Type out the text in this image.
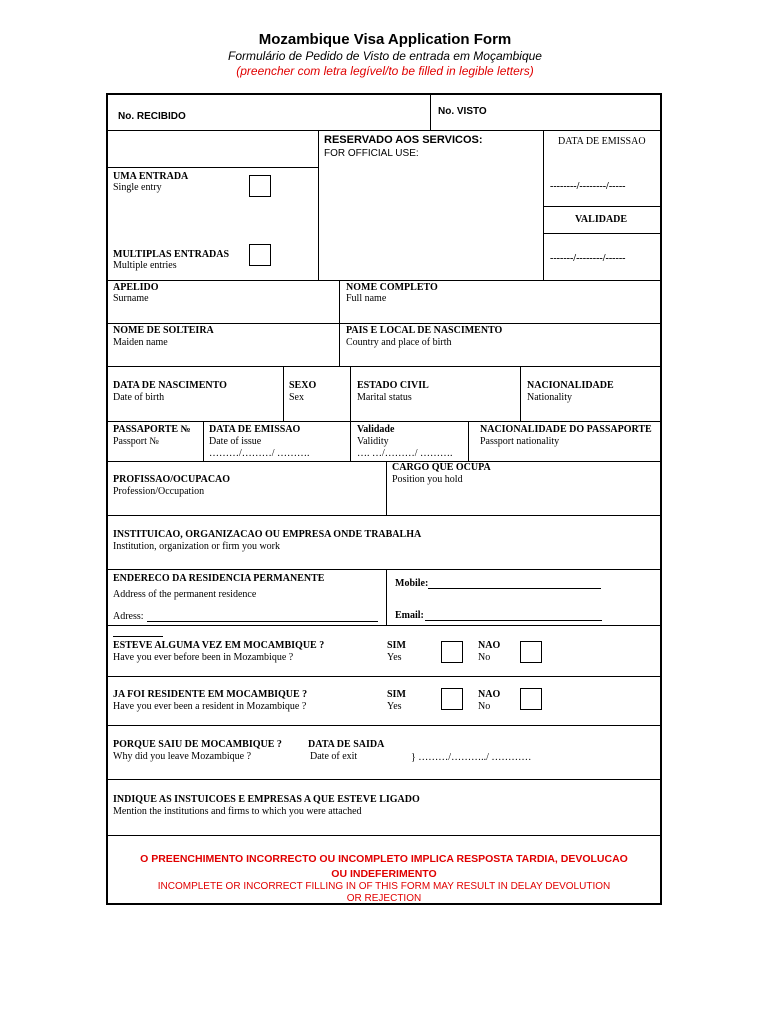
Mozambique Visa Application Form
Formulário de Pedido de Visto de entrada em Moçambique
(preencher com letra legível/to be filled in legible letters)
No. RECIBIDO	No. VISTO
RESERVADO AOS SERVICOS:
FOR OFFICIAL USE:
DATA DE EMISSAO
--------/--------/-----
VALIDADE
-------/--------/------
UMA ENTRADA
Single entry
MULTIPLAS ENTRADAS
Multiple entries
APELIDO
Surname
NOME COMPLETO
Full name
NOME DE SOLTEIRA
Maiden name
PAIS E LOCAL DE NASCIMENTO
Country and place of birth
DATA DE NASCIMENTO
Date of birth
SEXO
Sex
ESTADO CIVIL
Marital status
NACIONALIDADE
Nationality
PASSAPORTE №
Passport №
DATA DE EMISSAO
Date of issue
………/………/ ……….
Validade
Validity
…. …/………/ ……….
NACIONALIDADE DO PASSAPORTE
Passport nationality
CARGO QUE OCUPA
Position you hold
PROFISSAO/OCUPACAO
Profession/Occupation
INSTITUICAO, ORGANIZACAO OU EMPRESA ONDE TRABALHA
Institution, organization or firm you work
ENDERECO DA RESIDENCIA PERMANENTE
Address of the permanent residence
Adress:
Mobile:
Email:
ESTEVE ALGUMA VEZ EM MOCAMBIQUE ?
Have you ever before been in Mozambique ?
SIM
Yes
NAO
No
JA FOI RESIDENTE EM MOCAMBIQUE ?
Have you ever been a resident in Mozambique ?
SIM
Yes
NAO
No
PORQUE SAIU DE MOCAMBIQUE ?
Why did you leave Mozambique ?
DATA DE SAIDA
Date of exit	} ………/………../ …………
INDIQUE AS INSTUICOES E EMPRESAS A QUE ESTEVE LIGADO
Mention the institutions and firms to which you were attached
O PREENCHIMENTO INCORRECTO OU INCOMPLETO IMPLICA RESPOSTA TARDIA, DEVOLUCAO
OU INDEFERIMENTO
INCOMPLETE OR INCORRECT FILLING IN OF THIS FORM MAY RESULT IN DELAY DEVOLUTION
OR REJECTION
